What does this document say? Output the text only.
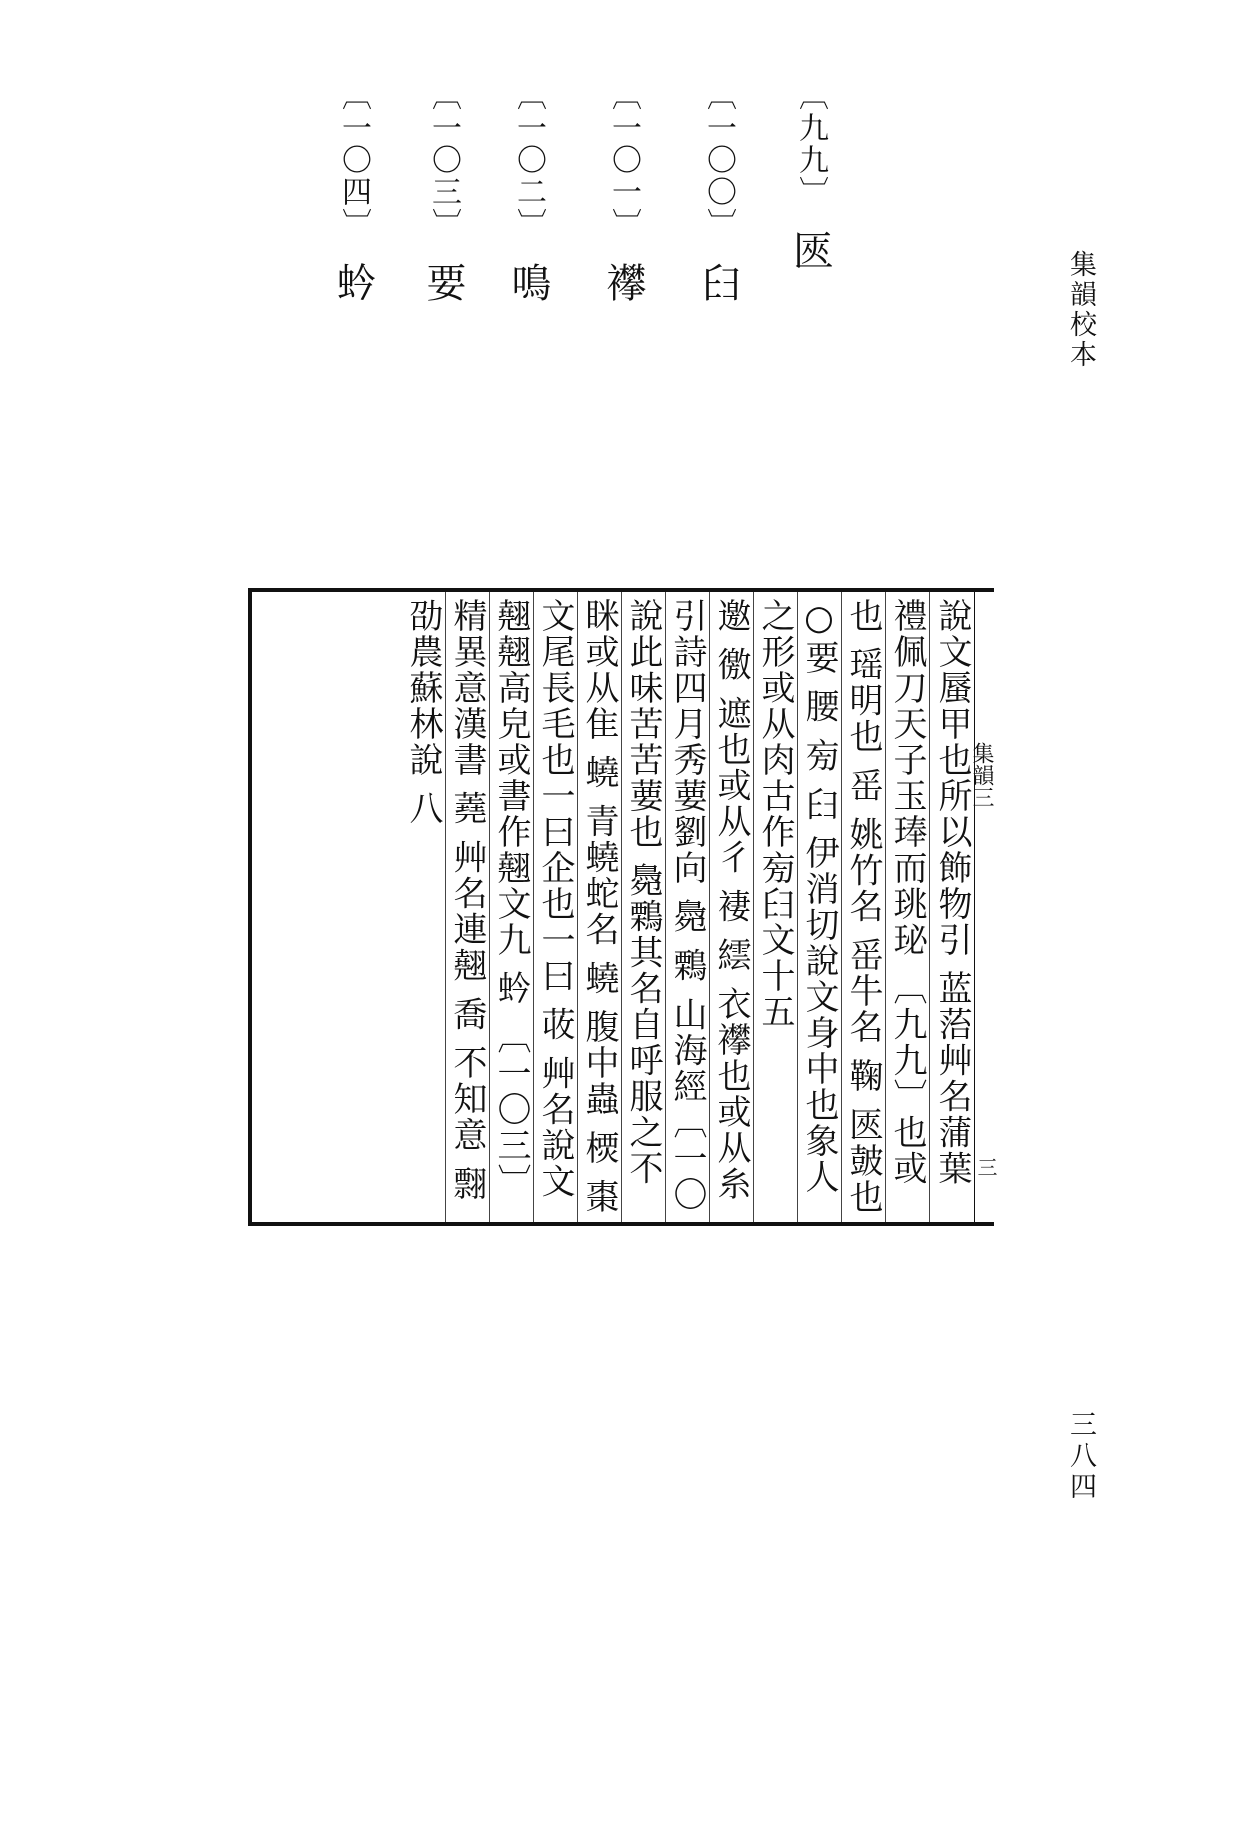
〔九九〕 匧
〔一〇〇〕 𦥑
〔一〇一〕 襻
〔一〇二〕 鳴
〔一〇三〕 要
〔一〇四〕 蚙	集韻校本
三八四
說文蜃甲也所以飾物引 蓝菭艸名蒲葉
禮佩刀天子玉琫而珧珌 〔九九〕也或
也 瑶明也 䍃 姚竹名 䍃牛名 鞠 匧皷也
○要 腰 㫄 𦥑 伊消切說文身中也象人
之形或从肉古作㫄𦥑文十五
邀 徼 遮也或从彳 褄 繧 衣襻也或从糸
引詩四月秀葽劉向 䳃 鷅 山海經〔一〇
說此味苦苦葽也 䳃鷅其名自呼服之不
眯或从隹 蟯 青蟯蛇名 蟯 腹中蟲 樮 棗
文尾長毛也一曰企也一曰 荍 艸名說文
翹翹高皃或書作翹文九 蚙 〔一〇三〕
精異意漢書 蕘 艸名連翹 喬 不知意 翲
劭農蘇林說 八	集韻三
三
